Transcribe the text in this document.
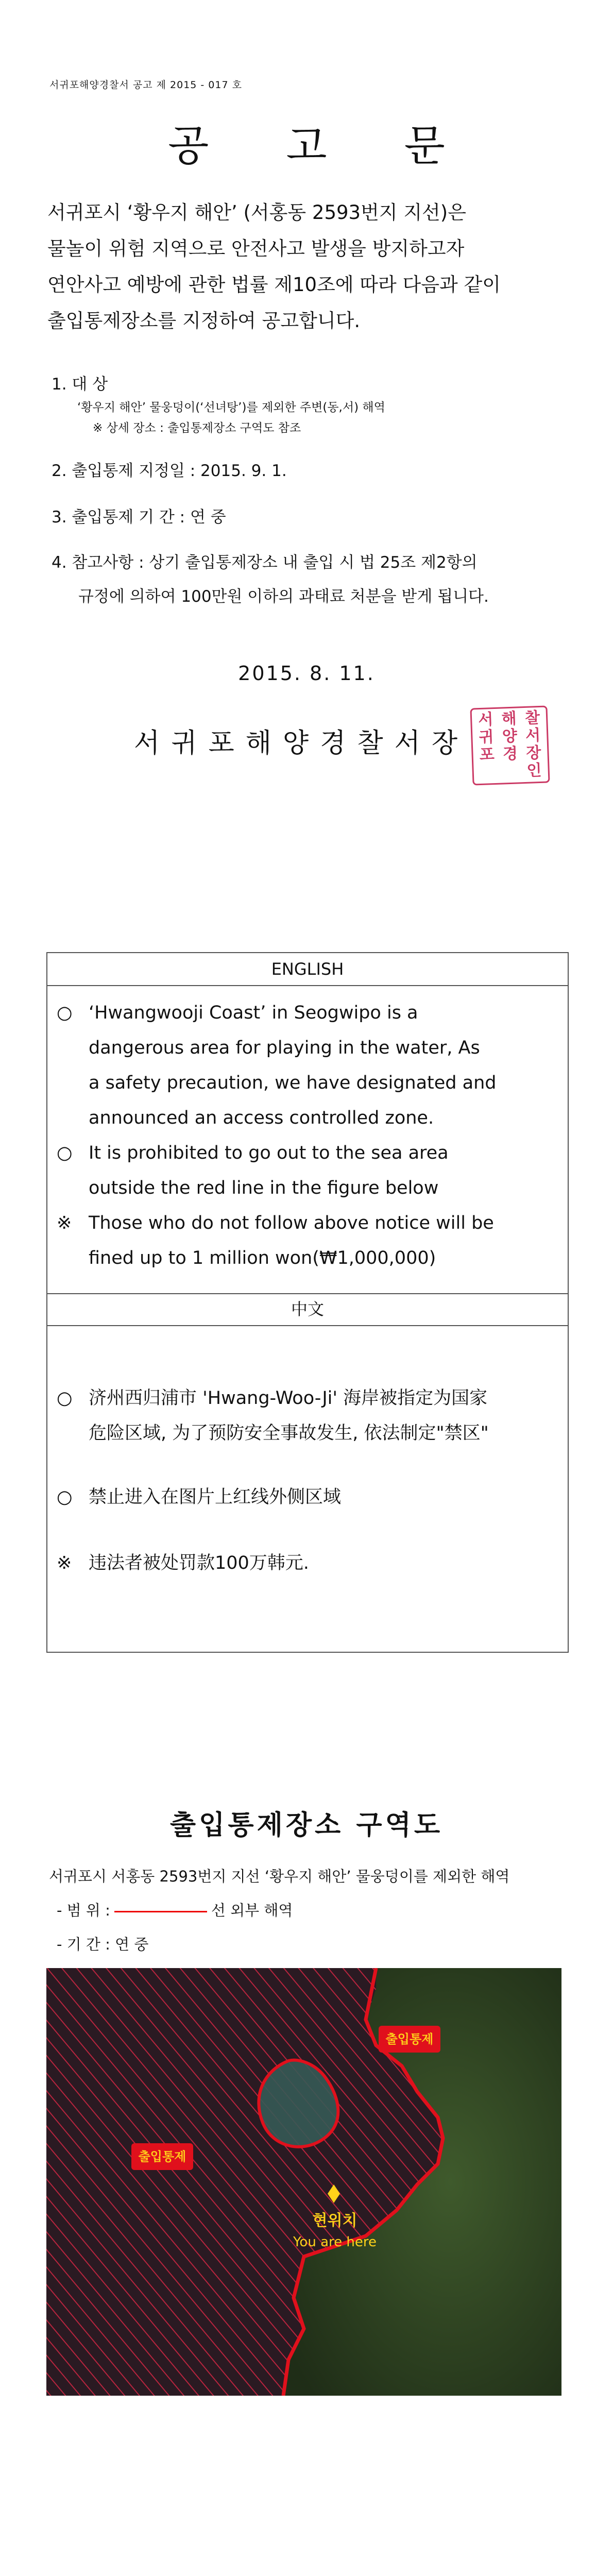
서귀포해양경찰서 공고 제 2015 - 017 호
공고문

서귀포시 ‘황우지 해안’ (서홍동 2593번지 지선)은

물놀이 위험 지역으로 안전사고 발생을 방지하고자

연안사고 예방에 관한 법률 제10조에 따라 다음과 같이

출입통제장소를 지정하여 공고합니다.

1. 대 상
‘황우지 해안’ 물웅덩이(‘선녀탕’)를 제외한 주변(동,서) 해역
※ 상세 장소 : 출입통제장소 구역도 참조
2. 출입통제 지정일 : 2015. 9. 1.
3. 출입통제 기 간 : 연 중
4. 참고사항 : 상기 출입통제장소 내 출입 시 법 25조 제2항의
규정에 의하여 100만원 이하의 과태료 처분을 받게 됩니다.
2015. 8. 11.
서귀포해양경찰서장
서 해 찰
귀 양 서
포 경 장
인
ENGLISH
○ ‘Hwangwooji Coast’ in Seogwipo is a
dangerous area for playing in the water, As
a safety precaution, we have designated and
announced an access controlled zone.
○ It is prohibited to go out to the sea area
outside the red line in the figure below
※ Those who do not follow above notice will be
fined up to 1 million won(₩1,000,000)
中文
○ 济州西归浦市 'Hwang-Woo-Ji' 海岸被指定为国家
危险区域, 为了预防安全事故发生, 依法制定"禁区"
○ 禁止进入在图片上红线外侧区域
※ 违法者被处罚款100万韩元.
출입통제장소 구역도
서귀포시 서홍동 2593번지 지선 ‘황우지 해안’ 물웅덩이를 제외한 해역
- 범 위 :	선 외부 해역
- 기 간 : 연 중
출입통제
출입통제
현위치
You are here
